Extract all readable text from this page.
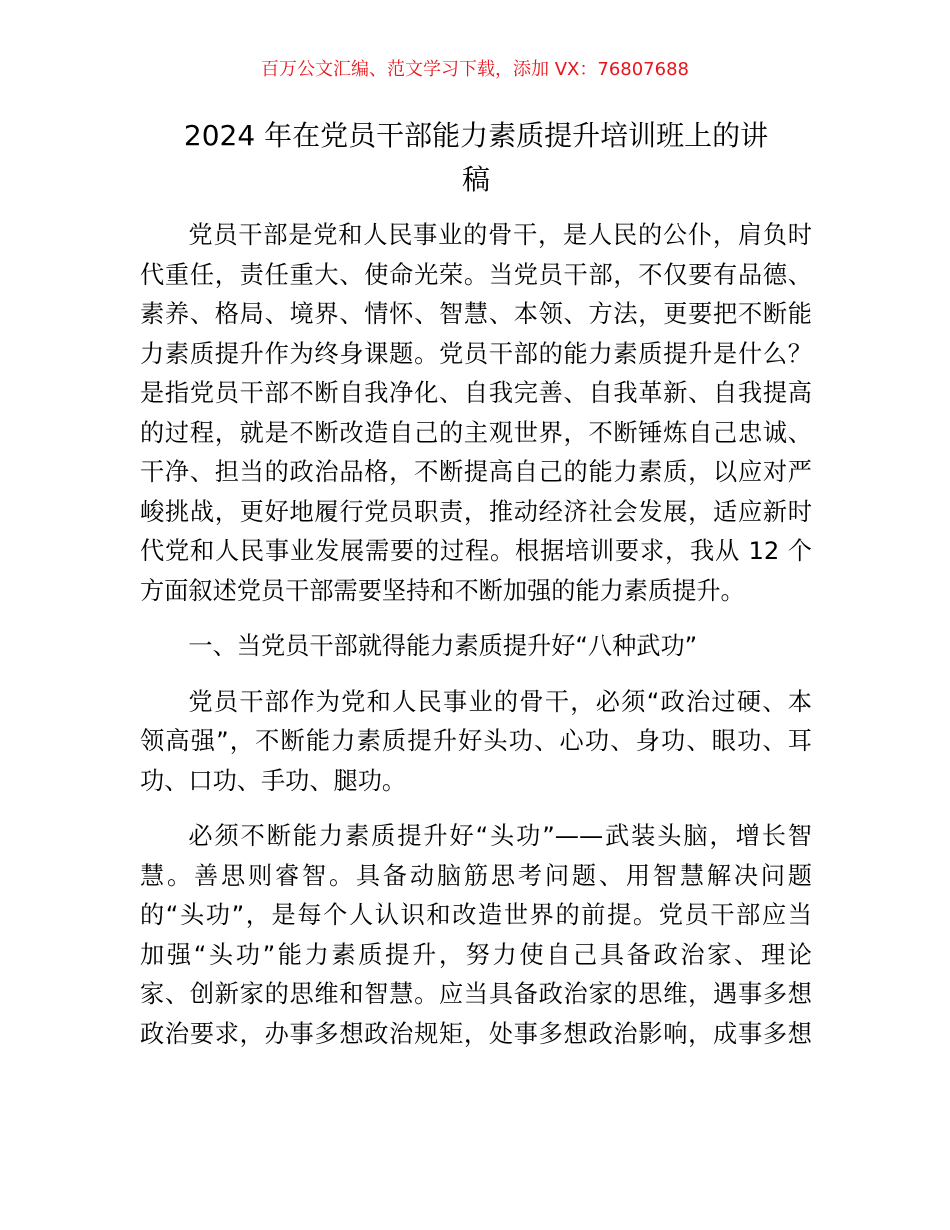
百万公文汇编、范文学习下载，添加 VX：76807688
2024 年在党员干部能力素质提升培训班上的讲
稿
党员干部是党和人民事业的骨干，是人民的公仆，肩负时
代重任，责任重大、使命光荣。当党员干部，不仅要有品德、
素养、格局、境界、情怀、智慧、本领、方法，更要把不断能
力素质提升作为终身课题。党员干部的能力素质提升是什么？
是指党员干部不断自我净化、自我完善、自我革新、自我提高
的过程，就是不断改造自己的主观世界，不断锤炼自己忠诚、
干净、担当的政治品格，不断提高自己的能力素质，以应对严
峻挑战，更好地履行党员职责，推动经济社会发展，适应新时
代党和人民事业发展需要的过程。根据培训要求，我从 12 个
方面叙述党员干部需要坚持和不断加强的能力素质提升。
一、当党员干部就得能力素质提升好“八种武功”
党员干部作为党和人民事业的骨干，必须“政治过硬、本
领高强”，不断能力素质提升好头功、心功、身功、眼功、耳
功、口功、手功、腿功。
必须不断能力素质提升好“头功”——武装头脑，增长智
慧。善思则睿智。具备动脑筋思考问题、用智慧解决问题
的“头功”，是每个人认识和改造世界的前提。党员干部应当
加强“头功”能力素质提升，努力使自己具备政治家、理论
家、创新家的思维和智慧。应当具备政治家的思维，遇事多想
政治要求，办事多想政治规矩，处事多想政治影响，成事多想
